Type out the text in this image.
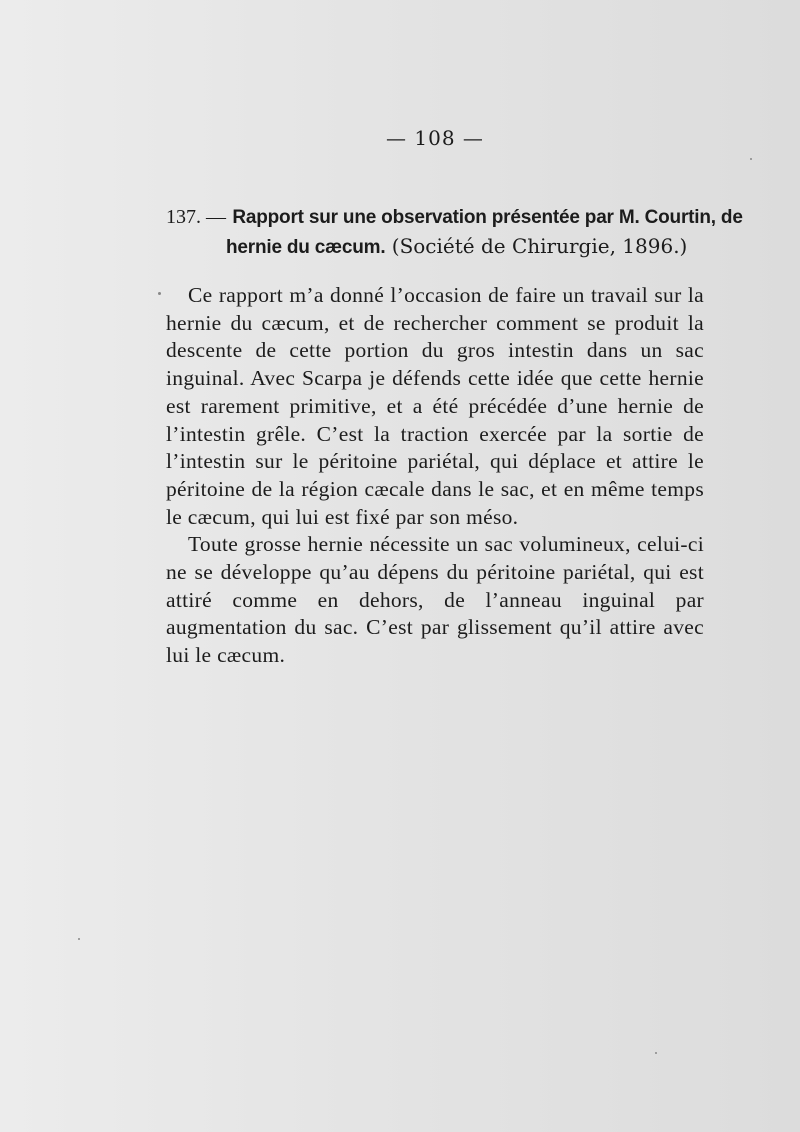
— 108 —
137. — Rapport sur une observation présentée par M. Courtin, de
hernie du cæcum. (Société de Chirurgie, 1896.)

Ce rapport m’a donné l’occasion de faire un travail sur la hernie du cæcum, et de rechercher comment se produit la descente de cette portion du gros intestin dans un sac inguinal. Avec Scarpa je défends cette idée que cette hernie est rarement primitive, et a été précédée d’une hernie de l’intestin grêle. C’est la traction exercée par la sortie de l’intestin sur le péritoine pariétal, qui déplace et attire le péritoine de la région cæcale dans le sac, et en même temps le cæcum, qui lui est fixé par son méso.

Toute grosse hernie nécessite un sac volumineux, celui-ci ne se développe qu’au dépens du péritoine pariétal, qui est attiré comme en dehors, de l’anneau inguinal par augmentation du sac. C’est par glissement qu’il attire avec lui le cæcum.
